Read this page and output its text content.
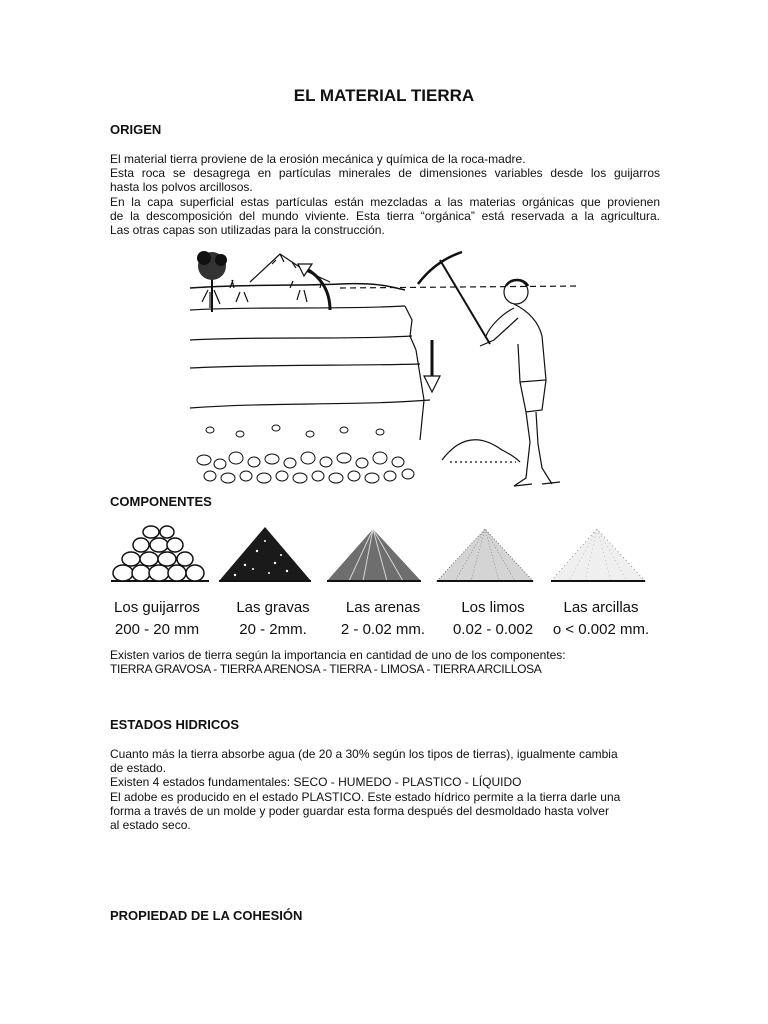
EL MATERIAL TIERRA
ORIGEN
El material tierra proviene de la erosión mecánica y química de la roca-madre.
Esta roca se desagrega en partículas minerales de dimensiones variables desde los guijarros
hasta los polvos arcillosos.
En la capa superficial estas partículas están mezcladas a las materias orgánicas que provienen
de la descomposición del mundo viviente. Esta tierra “orgánica” está reservada a la agricultura.
Las otras capas son utilizadas para la construcción.
COMPONENTES
Los guijarros
200 - 20 mm
Las gravas
20 - 2mm.
Las arenas
2 - 0.02 mm.
Los limos
0.02 - 0.002
Las arcillas
o < 0.002 mm.
Existen varios de tierra según la importancia en cantidad de uno de los componentes:
TIERRA GRAVOSA - TIERRA ARENOSA - TIERRA - LIMOSA - TIERRA ARCILLOSA
ESTADOS HIDRICOS
Cuanto más la tierra absorbe agua (de 20 a 30% según los tipos de tierras), igualmente cambia
de estado.
Existen 4 estados fundamentales: SECO - HUMEDO - PLASTICO - LÍQUIDO
El adobe es producido en el estado PLASTICO. Este estado hídrico permite a la tierra darle una
forma a través de un molde y poder guardar esta forma después del desmoldado hasta volver
al estado seco.
PROPIEDAD DE LA COHESIÓN
